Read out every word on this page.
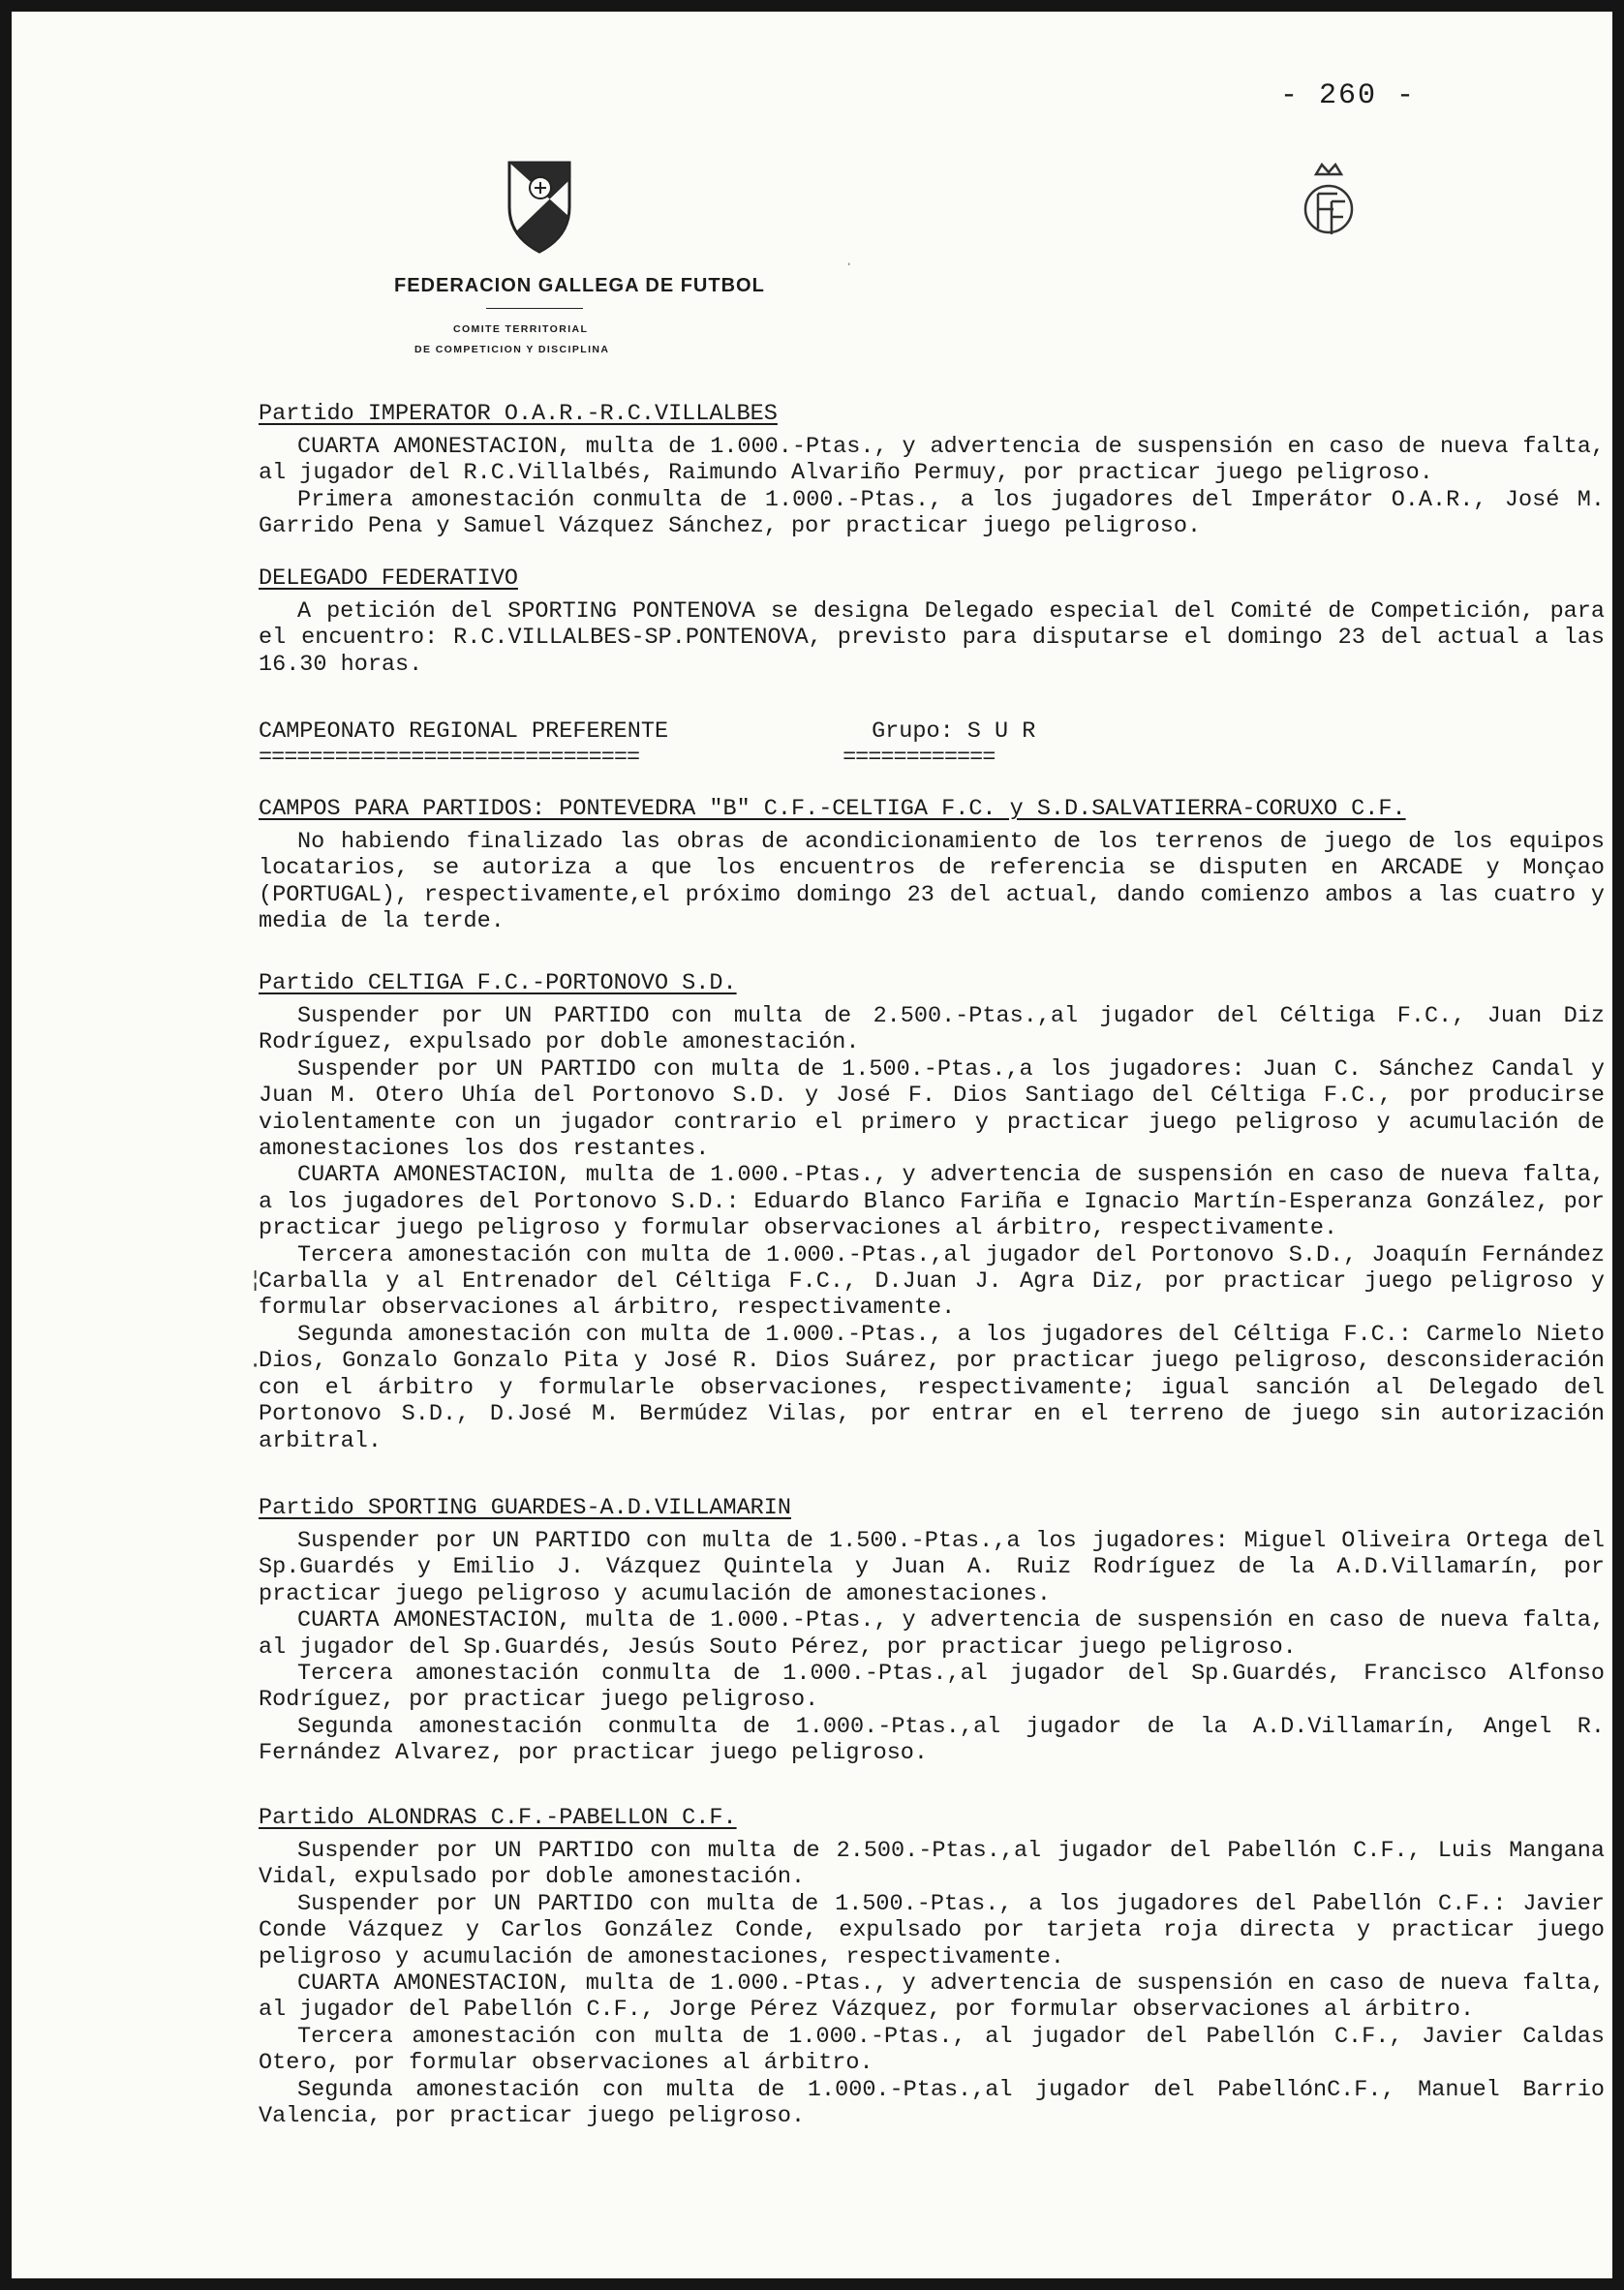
- 260 -
FEDERACION GALLEGA DE FUTBOL
COMITE TERRITORIAL
DE COMPETICION Y DISCIPLINA
ˈ
¦

·
Partido IMPERATOR O.A.R.-R.C.VILLALBES

CUARTA AMONESTACION, multa de 1.000.-Ptas., y advertencia de suspensión en caso de nueva falta, al jugador del R.C.Villalbés, Raimundo Alvariño Permuy, por practicar juego peligroso.

Primera amonestación conmulta de 1.000.-Ptas., a los jugadores del Imperátor O.A.R., José M. Garrido Pena y Samuel Vázquez Sánchez, por practicar juego peligroso.

DELEGADO FEDERATIVO

A petición del SPORTING PONTENOVA se designa Delegado especial del Comité de Competición, para el encuentro: R.C.VILLALBES-SP.PONTENOVA, previsto para disputarse el domingo 23 del actual a las 16.30 horas.

CAMPEONATO REGIONAL PREFERENTE	Grupo: S U R
==============================	============
CAMPOS PARA PARTIDOS: PONTEVEDRA "B" C.F.-CELTIGA F.C. y S.D.SALVATIERRA-CORUXO C.F.

No habiendo finalizado las obras de acondicionamiento de los terrenos de juego de los equipos locatarios, se autoriza a que los encuentros de referencia se disputen en ARCADE y Monçao (PORTUGAL), respectivamente,el próximo domingo 23 del actual, dando comienzo ambos a las cuatro y media de la terde.

Partido CELTIGA F.C.-PORTONOVO S.D.

Suspender por UN PARTIDO con multa de 2.500.-Ptas.,al jugador del Céltiga F.C., Juan Diz Rodríguez, expulsado por doble amonestación.

Suspender por UN PARTIDO con multa de 1.500.-Ptas.,a los jugadores: Juan C. Sánchez Candal y Juan M. Otero Uhía del Portonovo S.D. y José F. Dios Santiago del Céltiga F.C., por producirse violentamente con un jugador contrario el primero y practicar juego peligroso y acumulación de amonestaciones los dos restantes.

CUARTA AMONESTACION, multa de 1.000.-Ptas., y advertencia de suspensión en caso de nueva falta, a los jugadores del Portonovo S.D.: Eduardo Blanco Fariña e Ignacio Martín-Esperanza González, por practicar juego peligroso y formular observaciones al árbitro, respectivamente.

Tercera amonestación con multa de 1.000.-Ptas.,al jugador del Portonovo S.D., Joaquín Fernández Carballa y al Entrenador del Céltiga F.C., D.Juan J. Agra Diz, por practicar juego peligroso y formular observaciones al árbitro, respectivamente.

Segunda amonestación con multa de 1.000.-Ptas., a los jugadores del Céltiga F.C.: Carmelo Nieto Dios, Gonzalo Gonzalo Pita y José R. Dios Suárez, por practicar juego peligroso, desconsideración con el árbitro y formularle observaciones, respectivamente; igual sanción al Delegado del Portonovo S.D., D.José M. Bermúdez Vilas, por entrar en el terreno de juego sin autorización arbitral.

Partido SPORTING GUARDES-A.D.VILLAMARIN

Suspender por UN PARTIDO con multa de 1.500.-Ptas.,a los jugadores: Miguel Oliveira Ortega del Sp.Guardés y Emilio J. Vázquez Quintela y Juan A. Ruiz Rodríguez de la A.D.Villamarín, por practicar juego peligroso y acumulación de amonestaciones.

CUARTA AMONESTACION, multa de 1.000.-Ptas., y advertencia de suspensión en caso de nueva falta, al jugador del Sp.Guardés, Jesús Souto Pérez, por practicar juego peligroso.

Tercera amonestación conmulta de 1.000.-Ptas.,al jugador del Sp.Guardés, Francisco Alfonso Rodríguez, por practicar juego peligroso.

Segunda amonestación conmulta de 1.000.-Ptas.,al jugador de la A.D.Villamarín, Angel R. Fernández Alvarez, por practicar juego peligroso.

Partido ALONDRAS C.F.-PABELLON C.F.

Suspender por UN PARTIDO con multa de 2.500.-Ptas.,al jugador del Pabellón C.F., Luis Mangana Vidal, expulsado por doble amonestación.

Suspender por UN PARTIDO con multa de 1.500.-Ptas., a los jugadores del Pabellón C.F.: Javier Conde Vázquez y Carlos González Conde, expulsado por tarjeta roja directa y practicar juego peligroso y acumulación de amonestaciones, respectivamente.

CUARTA AMONESTACION, multa de 1.000.-Ptas., y advertencia de suspensión en caso de nueva falta, al jugador del Pabellón C.F., Jorge Pérez Vázquez, por formular observaciones al árbitro.

Tercera amonestación con multa de 1.000.-Ptas., al jugador del Pabellón C.F., Javier Caldas Otero, por formular observaciones al árbitro.

Segunda amonestación con multa de 1.000.-Ptas.,al jugador del PabellónC.F., Manuel Barrio Valencia, por practicar juego peligroso.
